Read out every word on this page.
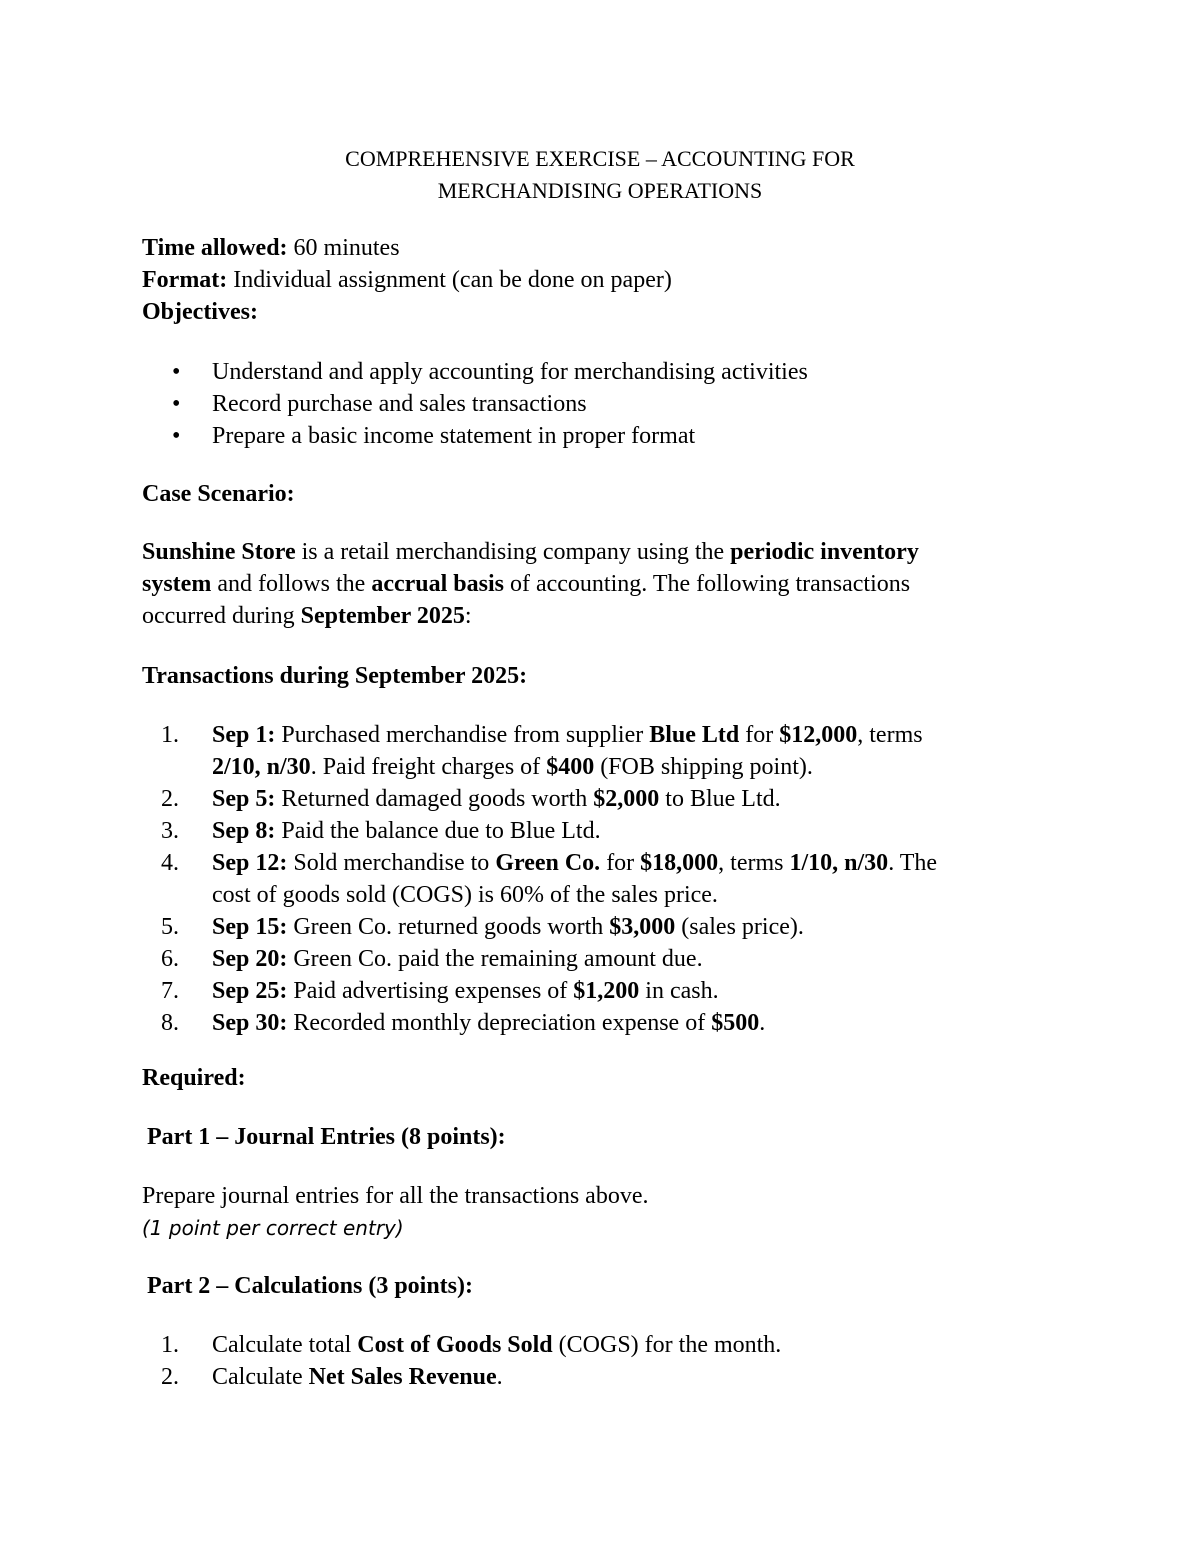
COMPREHENSIVE EXERCISE – ACCOUNTING FOR
MERCHANDISING OPERATIONS
Time allowed: 60 minutes
Format: Individual assignment (can be done on paper)
Objectives:
• Understand and apply accounting for merchandising activities
• Record purchase and sales transactions
• Prepare a basic income statement in proper format
Case Scenario:
Sunshine Store is a retail merchandising company using the periodic inventory
system and follows the accrual basis of accounting. The following transactions
occurred during September 2025:
Transactions during September 2025:
1. Sep 1: Purchased merchandise from supplier Blue Ltd for $12,000, terms
2/10, n/30. Paid freight charges of $400 (FOB shipping point).
2. Sep 5: Returned damaged goods worth $2,000 to Blue Ltd.
3. Sep 8: Paid the balance due to Blue Ltd.
4. Sep 12: Sold merchandise to Green Co. for $18,000, terms 1/10, n/30. The
cost of goods sold (COGS) is 60% of the sales price.
5. Sep 15: Green Co. returned goods worth $3,000 (sales price).
6. Sep 20: Green Co. paid the remaining amount due.
7. Sep 25: Paid advertising expenses of $1,200 in cash.
8. Sep 30: Recorded monthly depreciation expense of $500.
Required:
Part 1 – Journal Entries (8 points):
Prepare journal entries for all the transactions above.
(1 point per correct entry)
Part 2 – Calculations (3 points):
1. Calculate total Cost of Goods Sold (COGS) for the month.
2. Calculate Net Sales Revenue.
